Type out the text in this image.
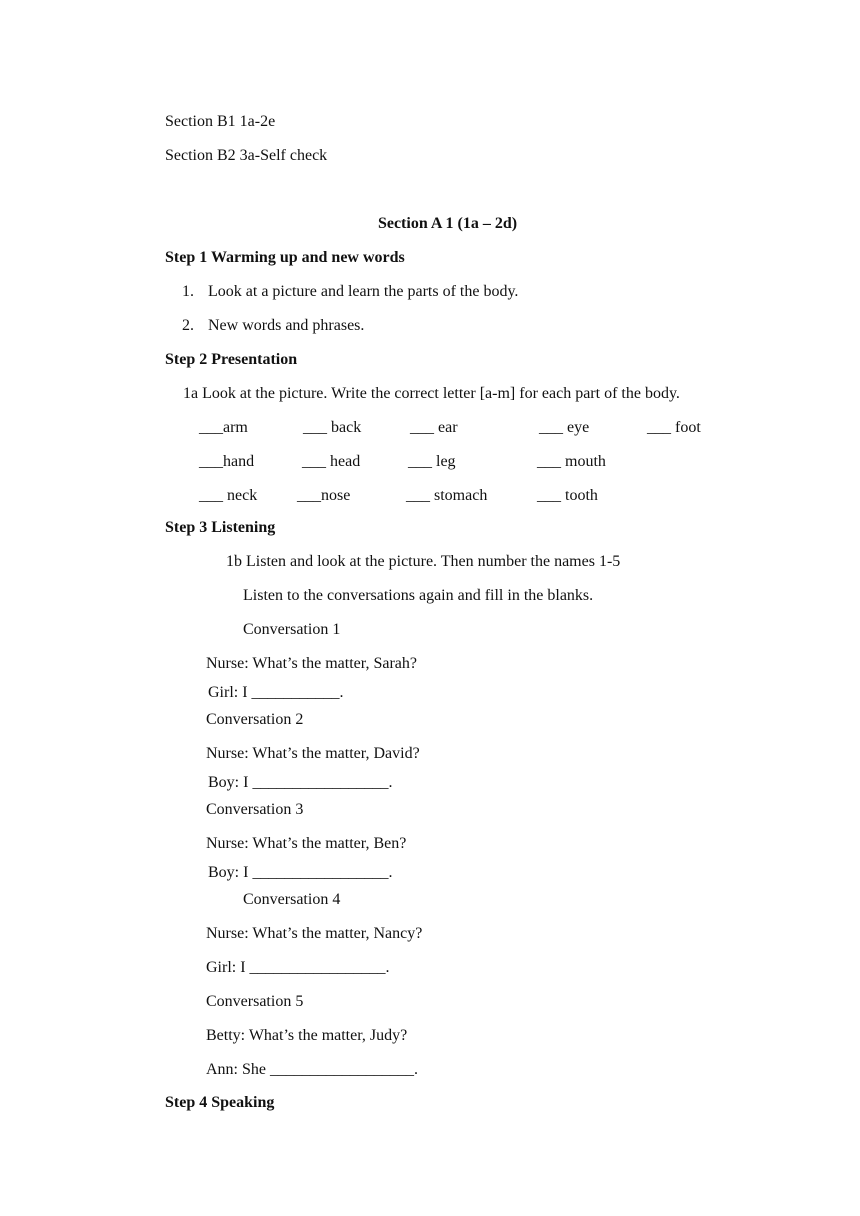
Section B1 1a-2e
Section B2 3a-Self check
Section A 1 (1a – 2d)
Step 1 Warming up and new words
1. Look at a picture and learn the parts of the body.
2. New words and phrases.
Step 2 Presentation
1a Look at the picture. Write the correct letter [a-m] for each part of the body.
___arm	___ back	___ ear	___ eye	___ foot
___hand	___ head	___ leg	___ mouth
___ neck ___nose	___ stomach	___ tooth
Step 3 Listening
1b Listen and look at the picture. Then number the names 1-5
Listen to the conversations again and fill in the blanks.
Conversation 1
Nurse: What’s the matter, Sarah?
Girl: I ___________.
Conversation 2
Nurse: What’s the matter, David?
Boy: I _________________.
Conversation 3
Nurse: What’s the matter, Ben?
Boy: I _________________.
Conversation 4
Nurse: What’s the matter, Nancy?
Girl: I _________________.
Conversation 5
Betty: What’s the matter, Judy?
Ann: She __________________.
Step 4 Speaking
